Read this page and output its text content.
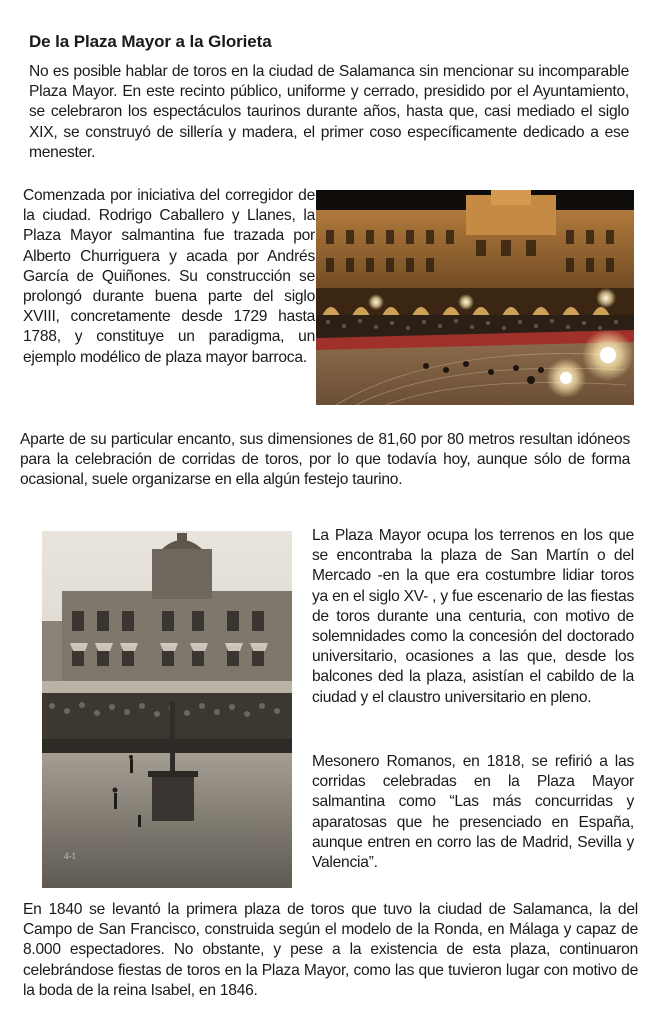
De la Plaza Mayor a la Glorieta

No es posible hablar de toros en la ciudad de Salamanca sin mencionar su incomparable Plaza Mayor. En este recinto público, uniforme y cerrado, presidido por el Ayuntamiento, se celebraron los espectáculos taurinos durante años, hasta que, casi mediado el siglo XIX, se construyó de sillería y madera, el primer coso específicamente dedicado a ese menester.

Comenzada por iniciativa del corregidor de la ciudad. Rodrigo Caballero y Llanes, la Plaza Mayor salmantina fue trazada por Alberto Churriguera y acada por Andrés García de Quiñones. Su construcción se prolongó durante buena parte del siglo XVIII, concretamente desde 1729 hasta 1788, y constituye un paradigma, un ejemplo modélico de plaza mayor barroca.

Aparte de su particular encanto, sus dimensiones de 81,60 por 80 metros resultan idóneos para la celebración de corridas de toros, por lo que todavía hoy, aunque sólo de forma ocasional, suele organizarse en ella algún festejo taurino.

4-1

La Plaza Mayor ocupa los terrenos en los que se encontraba la plaza de San Martín o del Mercado -en la que era costumbre lidiar toros ya en el siglo XV- , y fue escenario de las fiestas de toros durante una centuria, con motivo de solemnidades como la concesión del doctorado universitario, ocasiones a las que, desde los balcones ded la plaza, asistían el cabildo de la ciudad y el claustro universitario en pleno.

Mesonero Romanos, en 1818, se refirió a las corridas celebradas en la Plaza Mayor salmantina como “Las más concurridas y aparatosas que he presenciado en España, aunque entren en corro las de Madrid, Sevilla y Valencia”.

En 1840 se levantó la primera plaza de toros que tuvo la ciudad de Salamanca, la del Campo de San Francisco, construida según el modelo de la Ronda, en Málaga y capaz de 8.000 espectadores. No obstante, y pese a la existencia de esta plaza, continuaron celebrándose fiestas de toros en la Plaza Mayor, como las que tuvieron lugar con motivo de la boda de la reina Isabel, en 1846.
